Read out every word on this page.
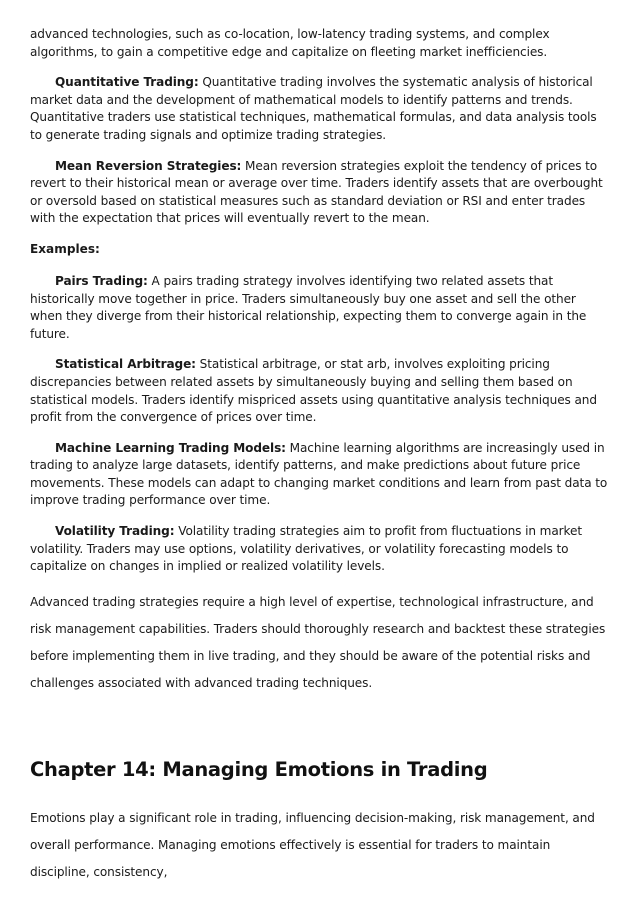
advanced technologies, such as co-location, low-latency trading systems, and complex algorithms, to gain a competitive edge and capitalize on fleeting market inefficiencies.

Quantitative Trading: Quantitative trading involves the systematic analysis of historical market data and the development of mathematical models to identify patterns and trends. Quantitative traders use statistical techniques, mathematical formulas, and data analysis tools to generate trading signals and optimize trading strategies.

Mean Reversion Strategies: Mean reversion strategies exploit the tendency of prices to revert to their historical mean or average over time. Traders identify assets that are overbought or oversold based on statistical measures such as standard deviation or RSI and enter trades with the expectation that prices will eventually revert to the mean.

Examples:

Pairs Trading: A pairs trading strategy involves identifying two related assets that historically move together in price. Traders simultaneously buy one asset and sell the other when they diverge from their historical relationship, expecting them to converge again in the future.

Statistical Arbitrage: Statistical arbitrage, or stat arb, involves exploiting pricing discrepancies between related assets by simultaneously buying and selling them based on statistical models. Traders identify mispriced assets using quantitative analysis techniques and profit from the convergence of prices over time.

Machine Learning Trading Models: Machine learning algorithms are increasingly used in trading to analyze large datasets, identify patterns, and make predictions about future price movements. These models can adapt to changing market conditions and learn from past data to improve trading performance over time.

Volatility Trading: Volatility trading strategies aim to profit from fluctuations in market volatility. Traders may use options, volatility derivatives, or volatility forecasting models to capitalize on changes in implied or realized volatility levels.

Advanced trading strategies require a high level of expertise, technological infrastructure, and risk management capabilities. Traders should thoroughly research and backtest these strategies before implementing them in live trading, and they should be aware of the potential risks and challenges associated with advanced trading techniques.

Chapter 14: Managing Emotions in Trading

Emotions play a significant role in trading, influencing decision-making, risk management, and overall performance. Managing emotions effectively is essential for traders to maintain discipline, consistency,
